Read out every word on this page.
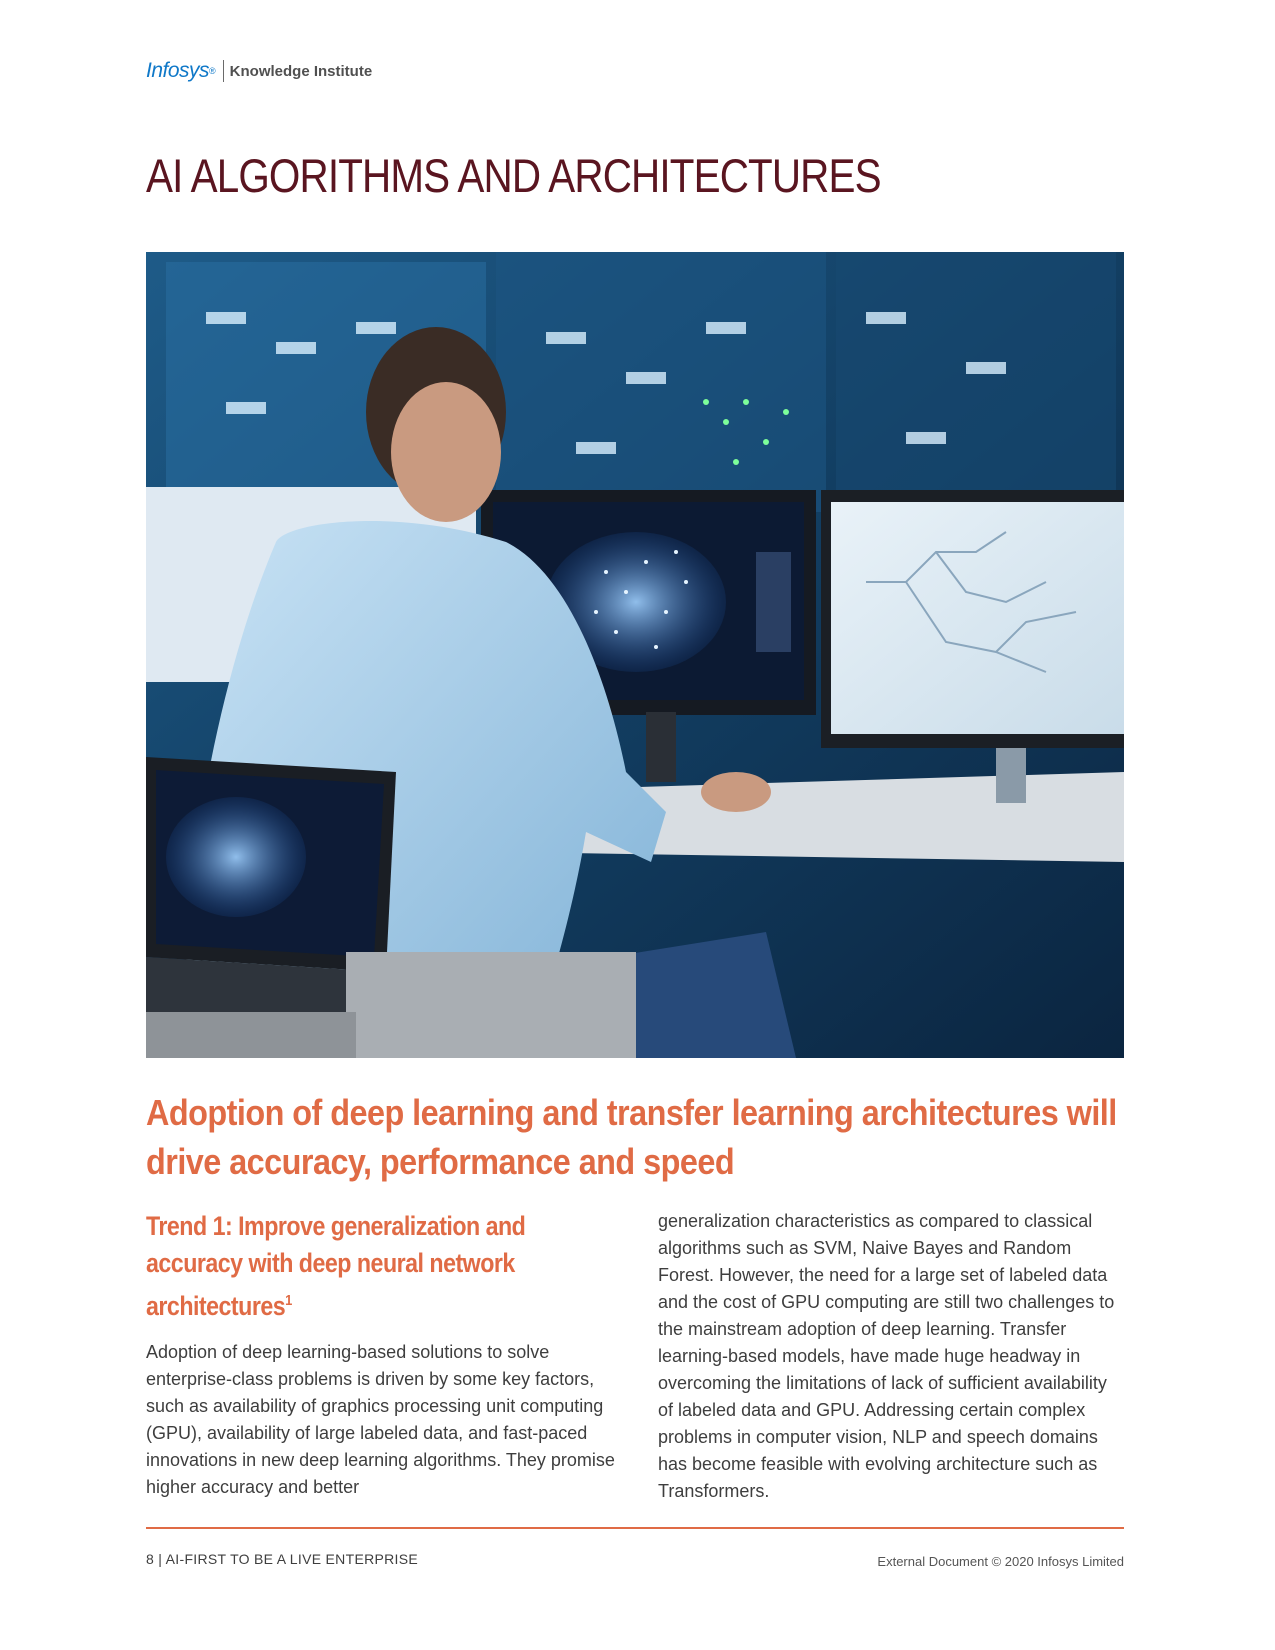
Infosys ® Knowledge Institute
AI ALGORITHMS AND ARCHITECTURES
Adoption of deep learning and transfer learning architectures will drive accuracy, performance and speed
Trend 1: Improve generalization and accuracy with deep neural network architectures$^1$

Adoption of deep learning-based solutions to solve enterprise-class problems is driven by some key factors, such as availability of graphics processing unit computing (GPU), availability of large labeled data, and fast-paced innovations in new deep learning algorithms. They promise higher accuracy and better

generalization characteristics as compared to classical algorithms such as SVM, Naive Bayes and Random Forest. However, the need for a large set of labeled data and the cost of GPU computing are still two challenges to the mainstream adoption of deep learning. Transfer learning-based models, have made huge headway in overcoming the limitations of lack of sufficient availability of labeled data and GPU. Addressing certain complex problems in computer vision, NLP and speech domains has become feasible with evolving architecture such as Transformers.

8 | AI-FIRST TO BE A LIVE ENTERPRISE	External Document © 2020 Infosys Limited
